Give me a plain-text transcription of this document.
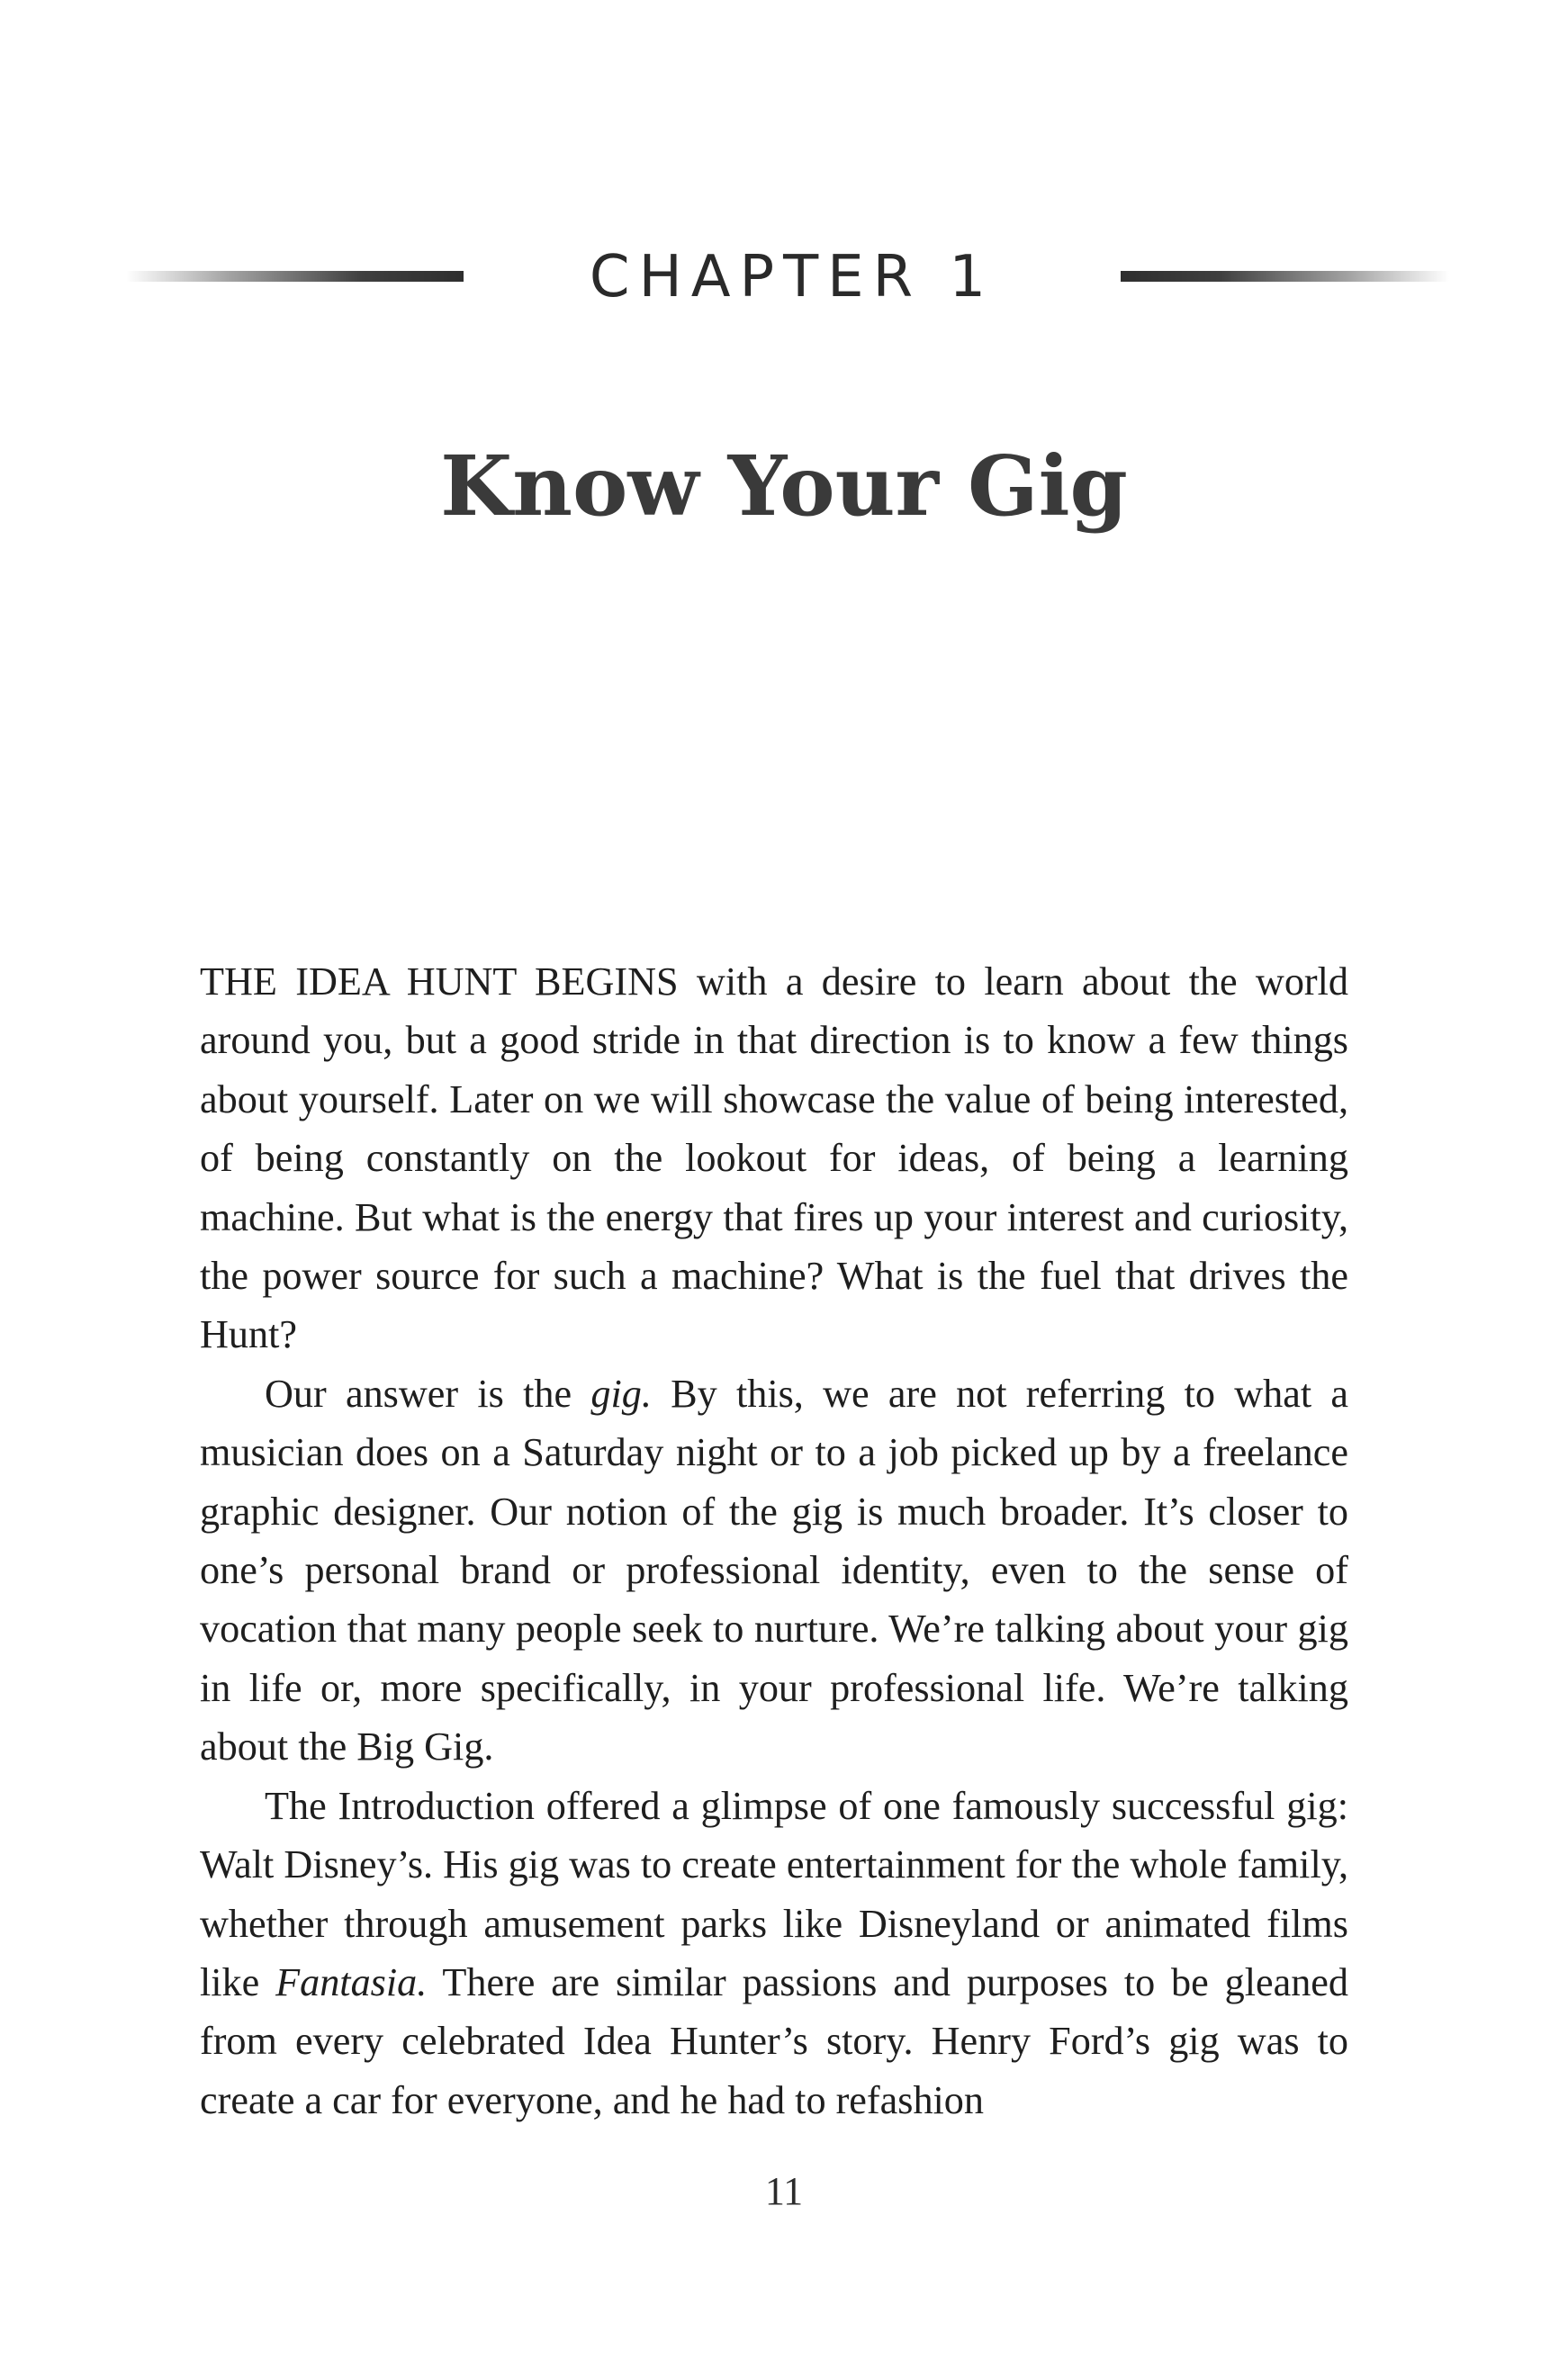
CHAPTER 1
Know Your Gig

THE IDEA HUNT BEGINS with a desire to learn about the world around you, but a good stride in that direction is to know a few things about yourself. Later on we will showcase the value of being interested, of being constantly on the lookout for ideas, of being a learning machine. But what is the energy that fires up your interest and curiosity, the power source for such a machine? What is the fuel that drives the Hunt?

Our answer is the gig. By this, we are not referring to what a musician does on a Saturday night or to a job picked up by a freelance graphic designer. Our notion of the gig is much broader. It’s closer to one’s personal brand or professional identity, even to the sense of vocation that many people seek to nurture. We’re talking about your gig in life or, more specifically, in your professional life. We’re talking about the Big Gig.

The Introduction offered a glimpse of one famously successful gig: Walt Disney’s. His gig was to create entertainment for the whole family, whether through amusement parks like Disneyland or animated films like Fantasia. There are similar passions and purposes to be gleaned from every celebrated Idea Hunter’s story. Henry Ford’s gig was to create a car for everyone, and he had to refashion

11
